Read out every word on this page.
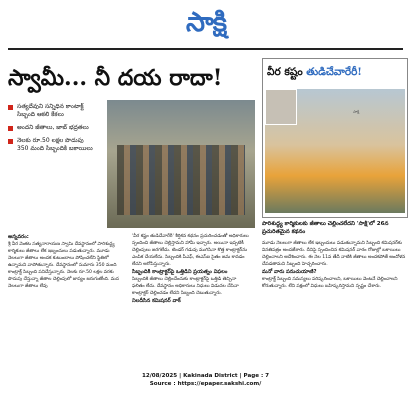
సాక్షి
స్వామీ... నీ దయ రాదా!
సత్యదేవుని సన్నిధిన కాంటాక్ట్
సిబ్బంది ఆకలి కేకలు
అందని జీతాలు, జాబ్ భద్రతలు
నెలకు రూ.50 లక్షల పొదుపు
350 మంది సిబ్బందికి బకాయిలు
అన్నవరం:
శ్రీ వీర వెంకట సత్యనారాయణ స్వామి దేవస్థానంలో పారిశుద్ధ్య కార్మికులు జీతాలు లేక ఇబ్బందులు పడుతున్నారు. మూడు నెలలుగా జీతాలు అందక కుటుంబాలు పోషించలేని స్థితిలో ఉన్నామని వాపోతున్నారు. దేవస్థానంలో సుమారు 350 మంది కాంట్రాక్ట్ సిబ్బంది పనిచేస్తున్నారు. నెలకు రూ.50 లక్షల వరకు పొదుపు చేస్తున్నా జీతాల చెల్లింపులో జాప్యం జరుగుతోంది. మద నెలలుగా జీతాలు లేవు
'వీర కష్టం తుడిచేవారేరీ' శీర్షికన కథనం ప్రచురించడంతో అధికారులు స్పందించి జీతాలు చెల్లిస్తామని హామీ ఇచ్చారు. అయినా ఇప్పటికీ చెల్లింపులు జరగలేదు. టెండర్ గడువు ముగిసినా కొత్త కాంట్రాక్టర్‌ను ఎంపిక చేయలేదు. సిబ్బందికి పీఎఫ్, ఈఎస్ఐ సైతం జమ కావడం లేదని ఆరోపిస్తున్నారు.
సిబ్బందికి కాంట్రాక్టర్‌పై ఒత్తిడిని ప్రయత్నం విఫలం
సిబ్బందికి జీతాలు చెల్లించేందుకు కాంట్రాక్టర్‌పై ఒత్తిడి తెచ్చినా ఫలితం లేదు. దేవస్థానం అధికారులు నిధులు విడుదల చేసినా కాంట్రాక్టర్ చెల్లించడం లేదని సిబ్బంది చెబుతున్నారు.
నిలదీసిన కమిషనర్ వాక్
వీర కష్టం తుడిచేవారేరీ!
సాక్షి
పారిశుద్ధ్య కార్మికులకు జీతాలు చెల్లించలేదని 'సాక్షి'లో 26న ప్రచురితమైన కథనం
మూడు నెలలుగా జీతాలు లేక ఇబ్బందులు పడుతున్నామని సిబ్బంది కమిషనర్‌కు వినతిపత్రం అందజేశారు. దీనిపై స్పందించిన కమిషనర్ వారం రోజుల్లో బకాయిలు చెల్లించాలని ఆదేశించారు. ఈ నెల 11వ తేదీ నాటికి జీతాలు అందకపోతే ఆందోళన చేపడతామని సిబ్బంది హెచ్చరించారు.
మనో వారు పనుచుయాణి?
కాంట్రాక్ట్ సిబ్బంది సమస్యలు పరిష్కరించాలని, బకాయిలు వెంటనే చెల్లించాలని కోరుతున్నారు. లేని పక్షంలో విధులు బహిష్కరిస్తామని స్పష్టం చేశారు.
12/08/2025 | Kakinada District | Page : 7
Source : https://epaper.sakshi.com/
